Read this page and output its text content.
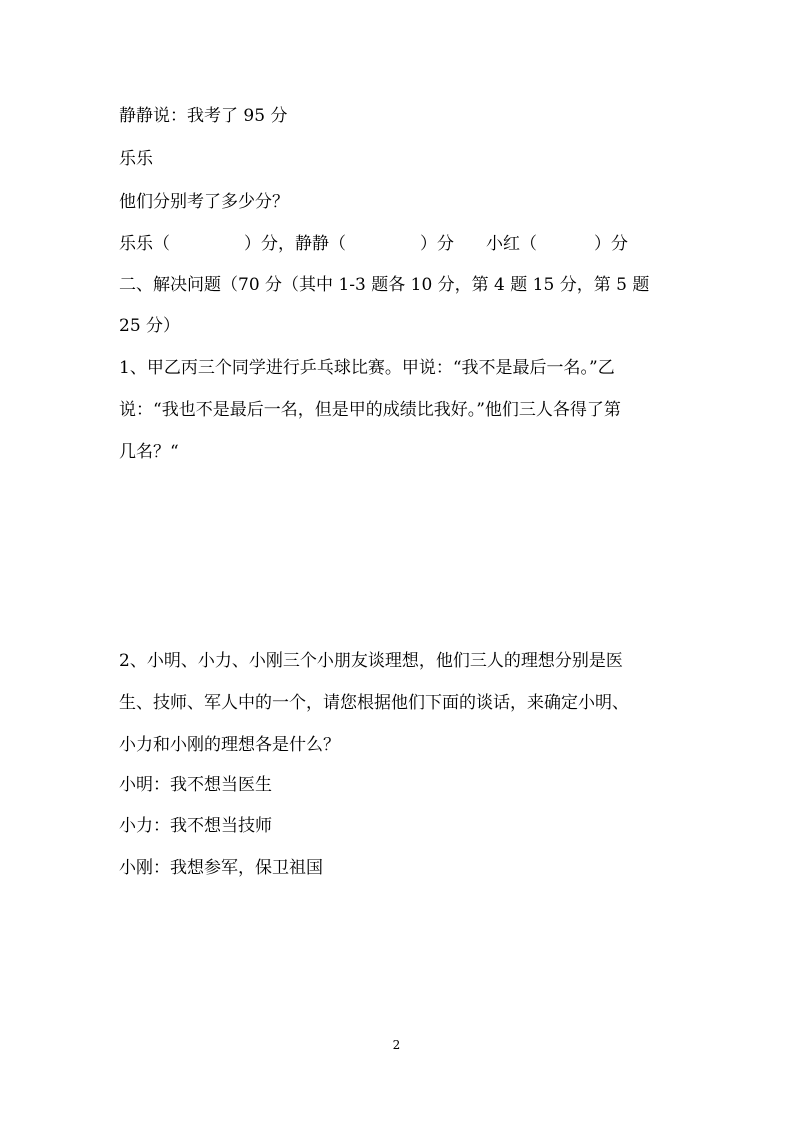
静静说：我考了 95 分
乐乐
他们分别考了多少分？
乐乐（	）分，静静（	）分 小红（	）分
二、解决问题（70 分（其中 1-3 题各 10 分，第 4 题 15 分，第 5 题
25 分）
1、甲乙丙三个同学进行乒乓球比赛。甲说：“我不是最后一名。”乙
说：“我也不是最后一名，但是甲的成绩比我好。”他们三人各得了第
几名？“
2、小明、小力、小刚三个小朋友谈理想，他们三人的理想分别是医
生、技师、军人中的一个，请您根据他们下面的谈话，来确定小明、
小力和小刚的理想各是什么？
小明：我不想当医生
小力：我不想当技师
小刚：我想参军，保卫祖国
2
